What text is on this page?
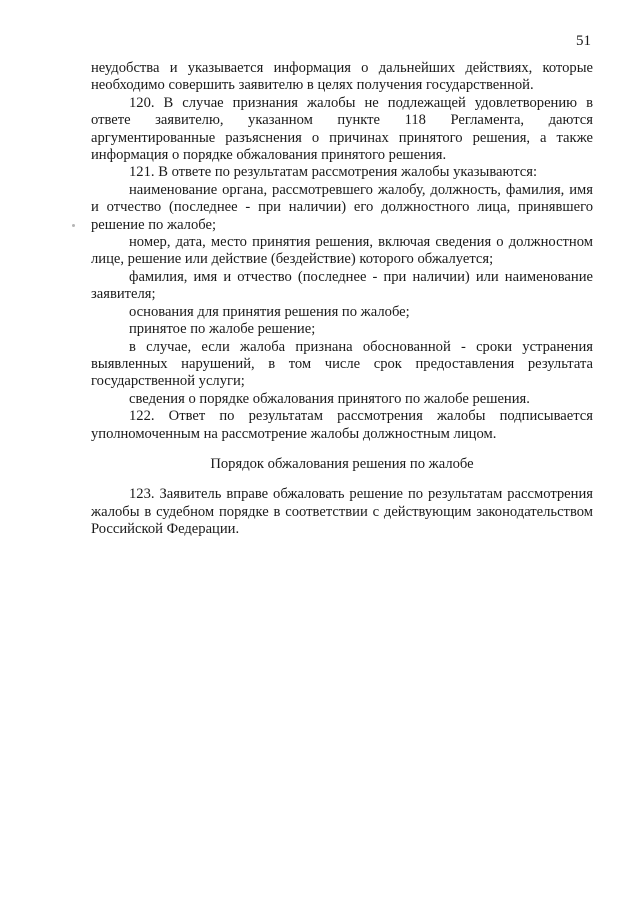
51

неудобства и указывается информация о дальнейших действиях, которые необходимо совершить заявителю в целях получения государственной.

120. В случае признания жалобы не подлежащей удовлетворению в ответе заявителю, указанном пункте 118 Регламента, даются аргументированные разъяснения о причинах принятого решения, а также информация о порядке обжалования принятого решения.

121. В ответе по результатам рассмотрения жалобы указываются:

наименование органа, рассмотревшего жалобу, должность, фамилия, имя и отчество (последнее - при наличии) его должностного лица, принявшего решение по жалобе;

номер, дата, место принятия решения, включая сведения о должностном лице, решение или действие (бездействие) которого обжалуется;

фамилия, имя и отчество (последнее - при наличии) или наименование заявителя;

основания для принятия решения по жалобе;

принятое по жалобе решение;

в случае, если жалоба признана обоснованной - сроки устранения выявленных нарушений, в том числе срок предоставления результата государственной услуги;

сведения о порядке обжалования принятого по жалобе решения.

122. Ответ по результатам рассмотрения жалобы подписывается уполномоченным на рассмотрение жалобы должностным лицом.

Порядок обжалования решения по жалобе

123. Заявитель вправе обжаловать решение по результатам рассмотрения жалобы в судебном порядке в соответствии с действующим законодательством Российской Федерации.
